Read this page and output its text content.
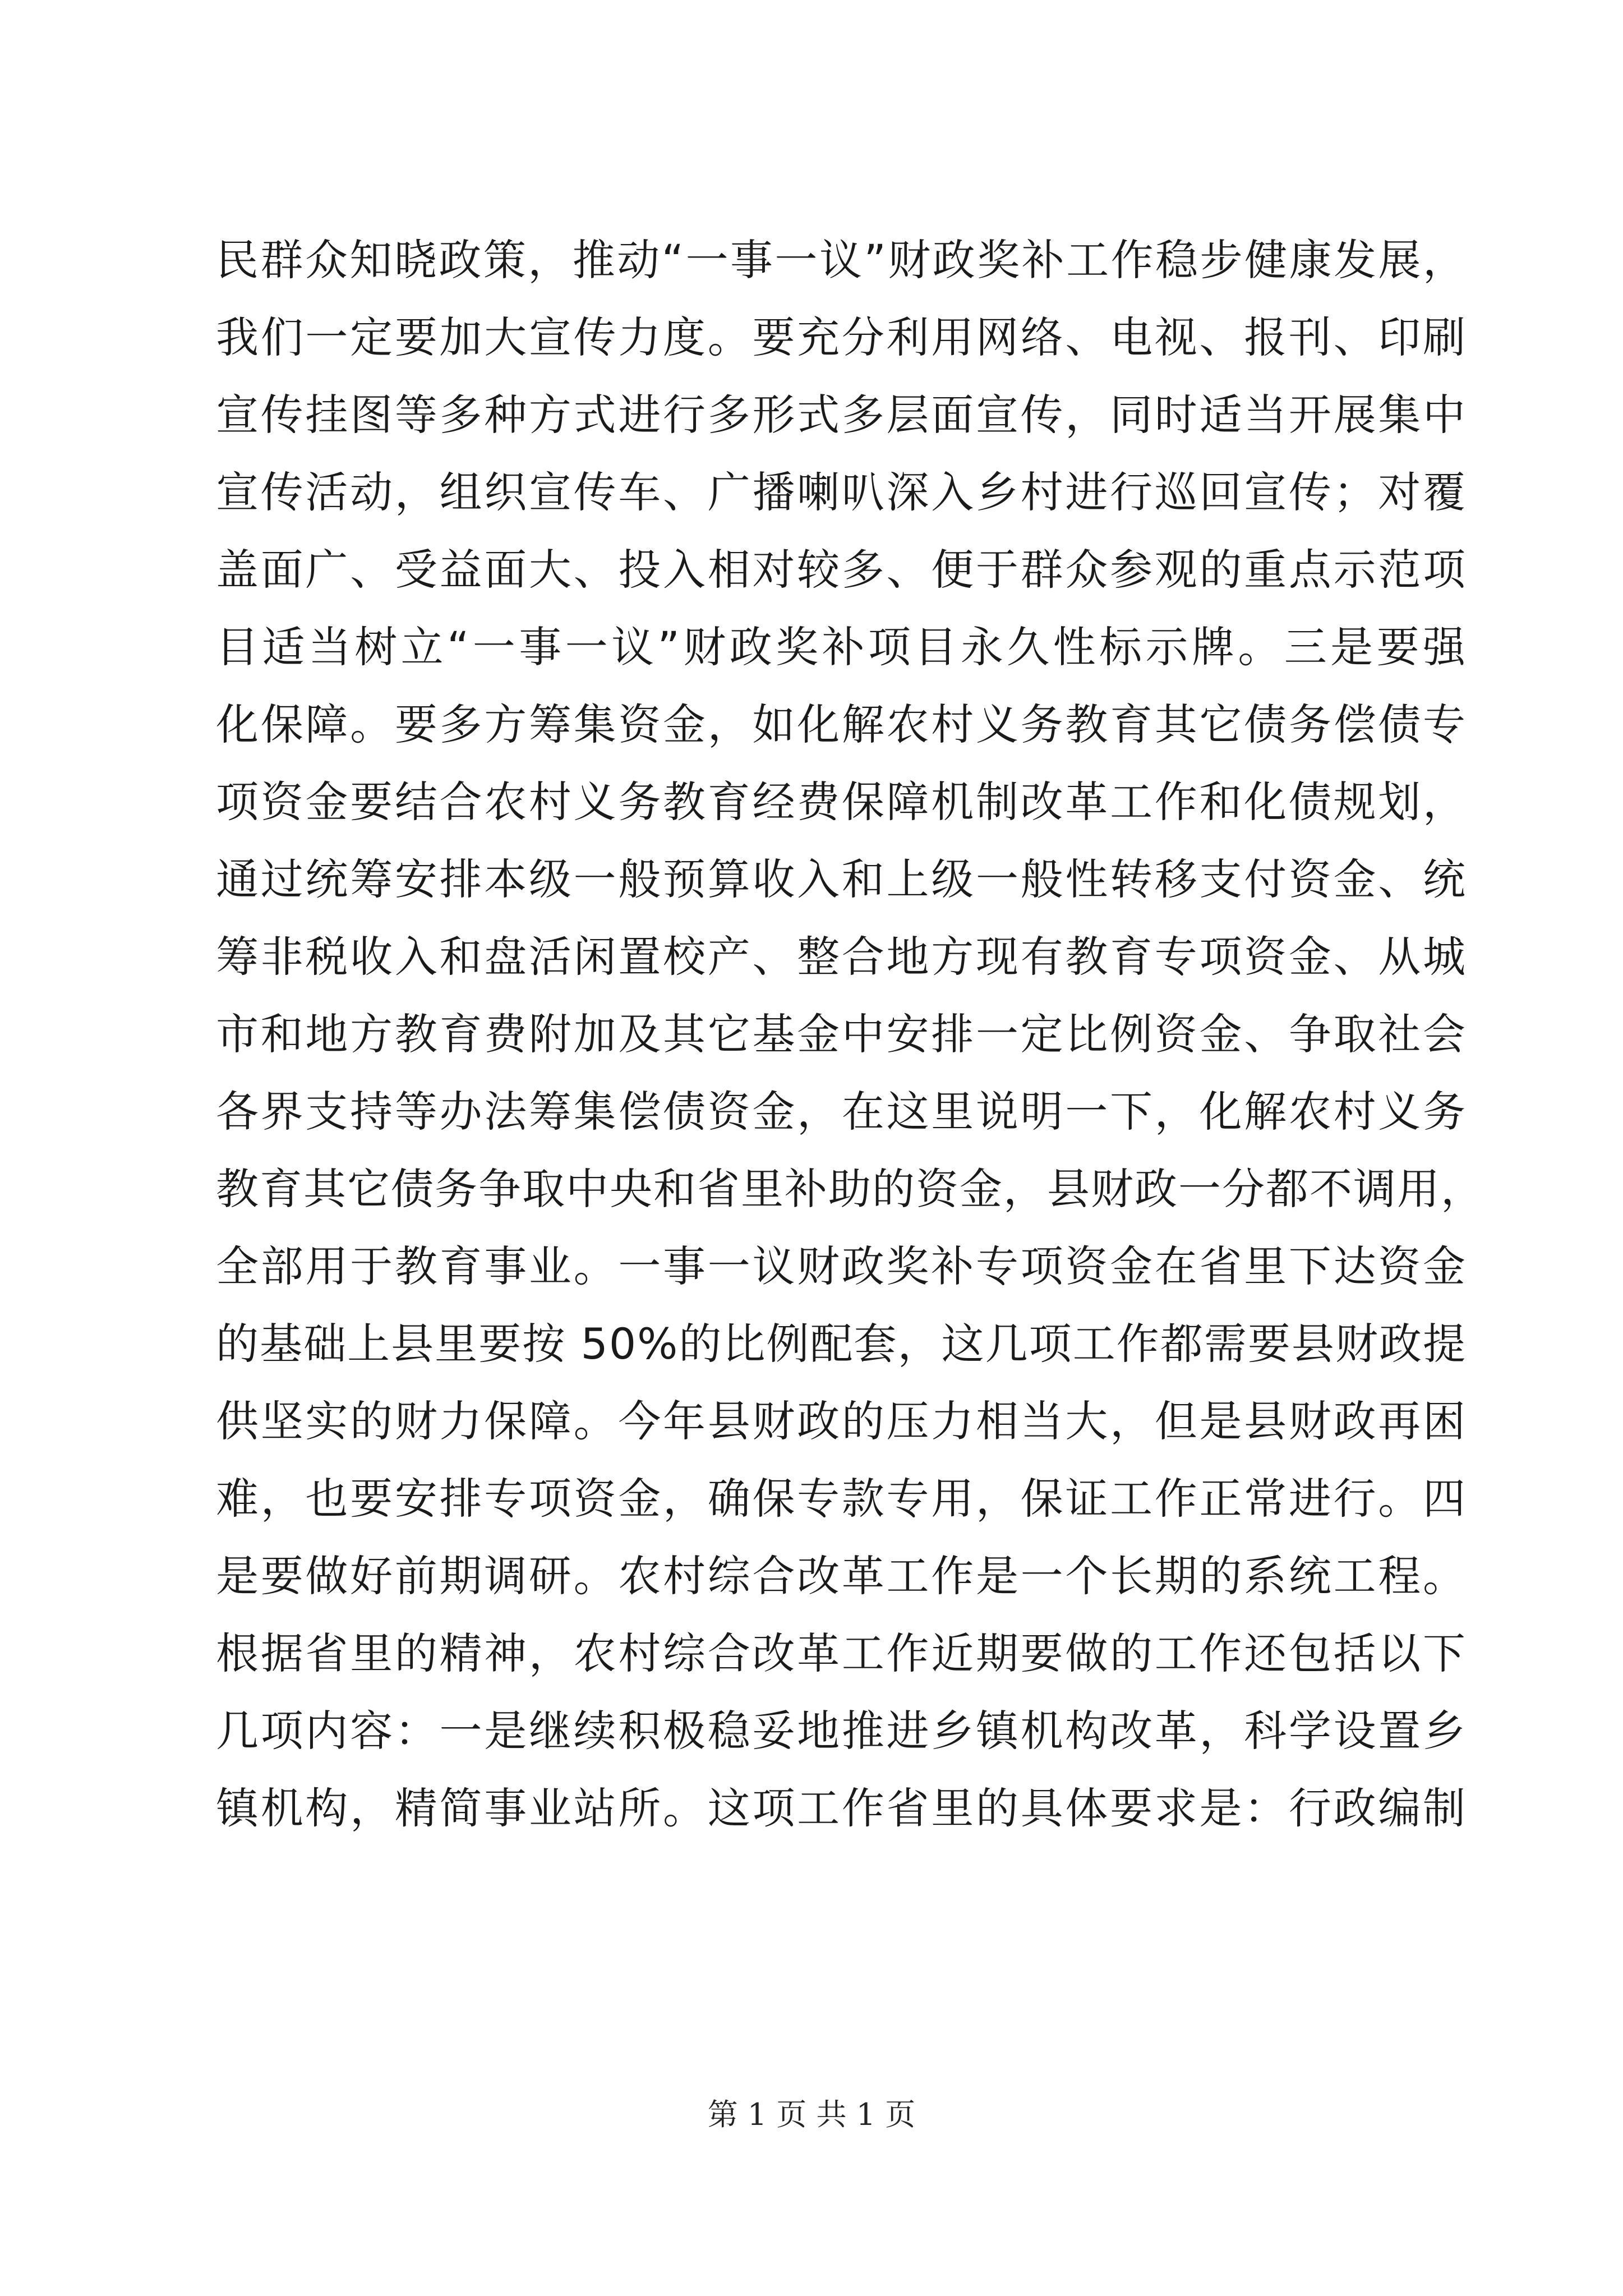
民群众知晓政策，推动“一事一议”财政奖补工作稳步健康发展，
我们一定要加大宣传力度。要充分利用网络、电视、报刊、印刷
宣传挂图等多种方式进行多形式多层面宣传，同时适当开展集中
宣传活动，组织宣传车、广播喇叭深入乡村进行巡回宣传；对覆
盖面广、受益面大、投入相对较多、便于群众参观的重点示范项
目适当树立“一事一议”财政奖补项目永久性标示牌。三是要强
化保障。要多方筹集资金，如化解农村义务教育其它债务偿债专
项资金要结合农村义务教育经费保障机制改革工作和化债规划，
通过统筹安排本级一般预算收入和上级一般性转移支付资金、统
筹非税收入和盘活闲置校产、整合地方现有教育专项资金、从城
市和地方教育费附加及其它基金中安排一定比例资金、争取社会
各界支持等办法筹集偿债资金，在这里说明一下，化解农村义务
教育其它债务争取中央和省里补助的资金，县财政一分都不调用，
全部用于教育事业。一事一议财政奖补专项资金在省里下达资金
的基础上县里要按 50%的比例配套，这几项工作都需要县财政提
供坚实的财力保障。今年县财政的压力相当大，但是县财政再困
难，也要安排专项资金，确保专款专用，保证工作正常进行。四
是要做好前期调研。农村综合改革工作是一个长期的系统工程。
根据省里的精神，农村综合改革工作近期要做的工作还包括以下
几项内容：一是继续积极稳妥地推进乡镇机构改革，科学设置乡
镇机构，精简事业站所。这项工作省里的具体要求是：行政编制
第 1 页 共 1 页
